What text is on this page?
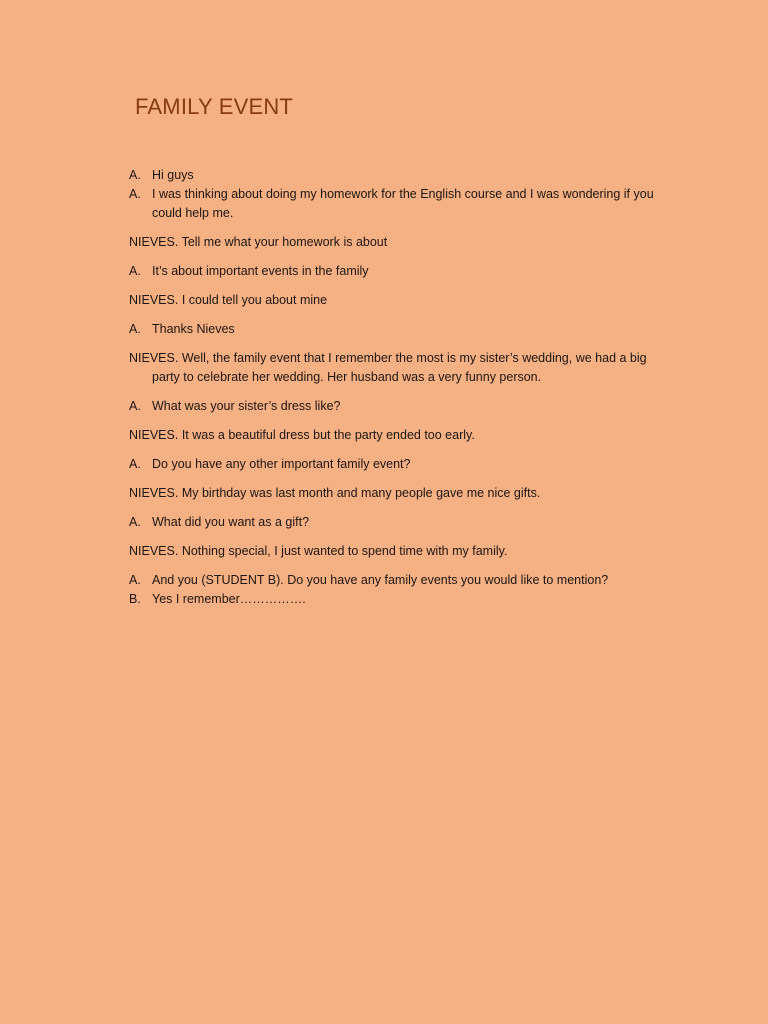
FAMILY EVENT

A. Hi guys

A. I was thinking about doing my homework for the English course and I was wondering if you could help me.

NIEVES. Tell me what your homework is about

A. It’s about important events in the family

NIEVES. I could tell you about mine

A. Thanks Nieves

NIEVES. Well, the family event that I remember the most is my sister’s wedding, we had a big party to celebrate her wedding. Her husband was a very funny person.

A. What was your sister’s dress like?

NIEVES. It was a beautiful dress but the party ended too early.

A. Do you have any other important family event?

NIEVES. My birthday was last month and many people gave me nice gifts.

A. What did you want as a gift?

NIEVES. Nothing special, I just wanted to spend time with my family.

A. And you (STUDENT B). Do you have any family events you would like to mention?

B. Yes I remember…………….
